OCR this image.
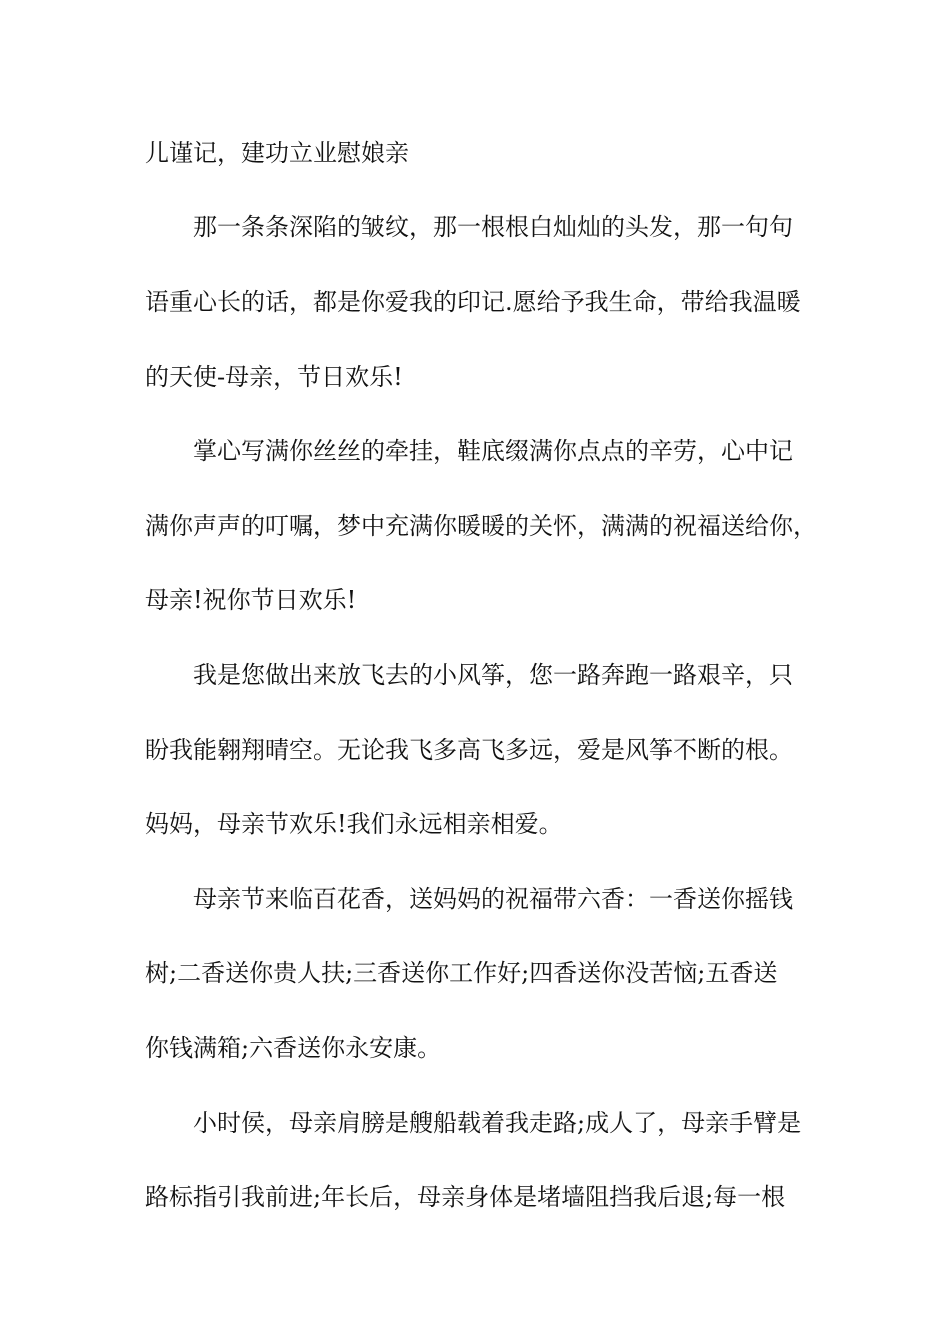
儿谨记，建功立业慰娘亲
那一条条深陷的皱纹，那一根根白灿灿的头发，那一句句
语重心长的话，都是你爱我的印记.愿给予我生命，带给我温暖
的天使-母亲，节日欢乐!
掌心写满你丝丝的牵挂，鞋底缀满你点点的辛劳，心中记
满你声声的叮嘱，梦中充满你暖暖的关怀，满满的祝福送给你，
母亲!祝你节日欢乐!
我是您做出来放飞去的小风筝，您一路奔跑一路艰辛，只
盼我能翱翔晴空。无论我飞多高飞多远，爱是风筝不断的根。
妈妈，母亲节欢乐!我们永远相亲相爱。
母亲节来临百花香，送妈妈的祝福带六香：一香送你摇钱
树;二香送你贵人扶;三香送你工作好;四香送你没苦恼;五香送
你钱满箱;六香送你永安康。
小时侯，母亲肩膀是艘船载着我走路;成人了，母亲手臂是
路标指引我前进;年长后，母亲身体是堵墙阻挡我后退;每一根
